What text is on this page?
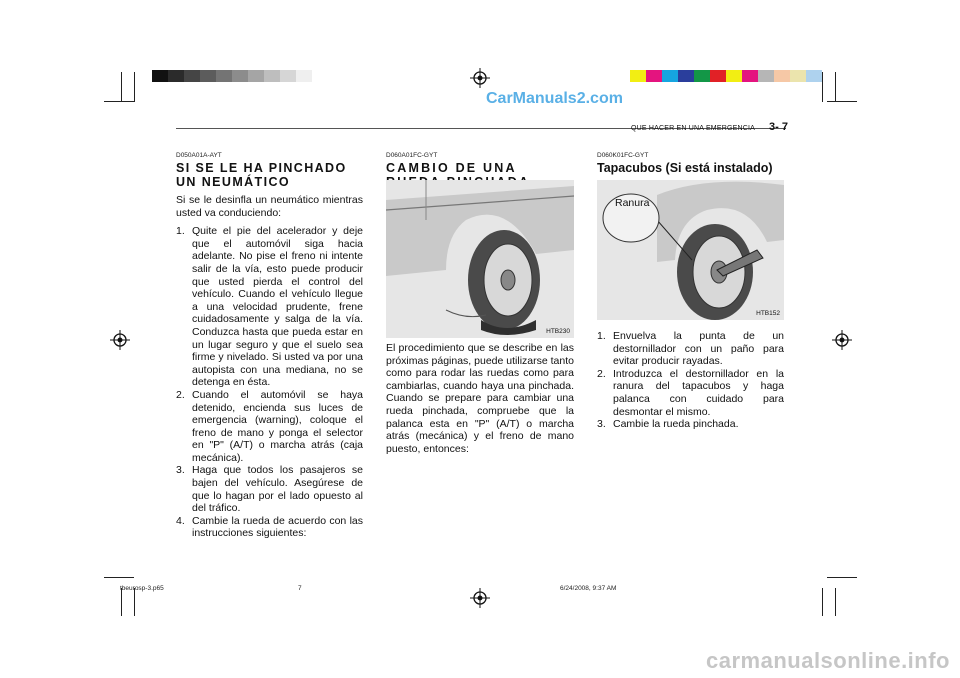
CarManuals2.com
QUE HACER EN UNA EMERGENCIA 3- 7
D050A01A-AYT
SI SE LE HA PINCHADO UN NEUMÁTICO
Si se le desinfla un neumático mientras usted va conduciendo:
1. Quite el pie del acelerador y deje que el automóvil siga hacia adelante. No pise el freno ni intente salir de la vía, esto puede producir que usted pierda el control del vehículo. Cuando el vehículo llegue a una velocidad prudente, frene cuidadosamente y salga de la vía. Conduzca hasta que pueda estar en un lugar seguro y que el suelo sea firme y nivelado. Si usted va por una autopista con una mediana, no se detenga en ésta.
2. Cuando el automóvil se haya detenido, encienda sus luces de emergencia (warning), coloque el freno de mano y ponga el selector en "P" (A/T) o marcha atrás (caja mecánica).
3. Haga que todos los pasajeros se bajen del vehículo. Asegúrese de que lo hagan por el lado opuesto al del tráfico.
4. Cambie la rueda de acuerdo con las instrucciones siguientes:
D060A01FC-GYT
CAMBIO DE UNA
HTB230
El procedimiento que se describe en las próximas páginas, puede utilizarse tanto como para rodar las ruedas como para cambiarlas, cuando haya una pinchada. Cuando se prepare para cambiar una rueda pinchada, compruebe que la palanca esta en "P" (A/T) o marcha atrás (mecánica) y el freno de mano puesto, entonces:
D060K01FC-GYT
Tapacubos (Si está instalado)
Ranura
HTB152
1. Envuelva la punta de un destornillador con un paño para evitar producir rayadas.
2. Introduzca el destornillador en la ranura del tapacubos y haga palanca con cuidado para desmontar el mismo.
3. Cambie la rueda pinchada.
tbeurosp-3.p65	7	6/24/2008, 9:37 AM
carmanualsonline.info
